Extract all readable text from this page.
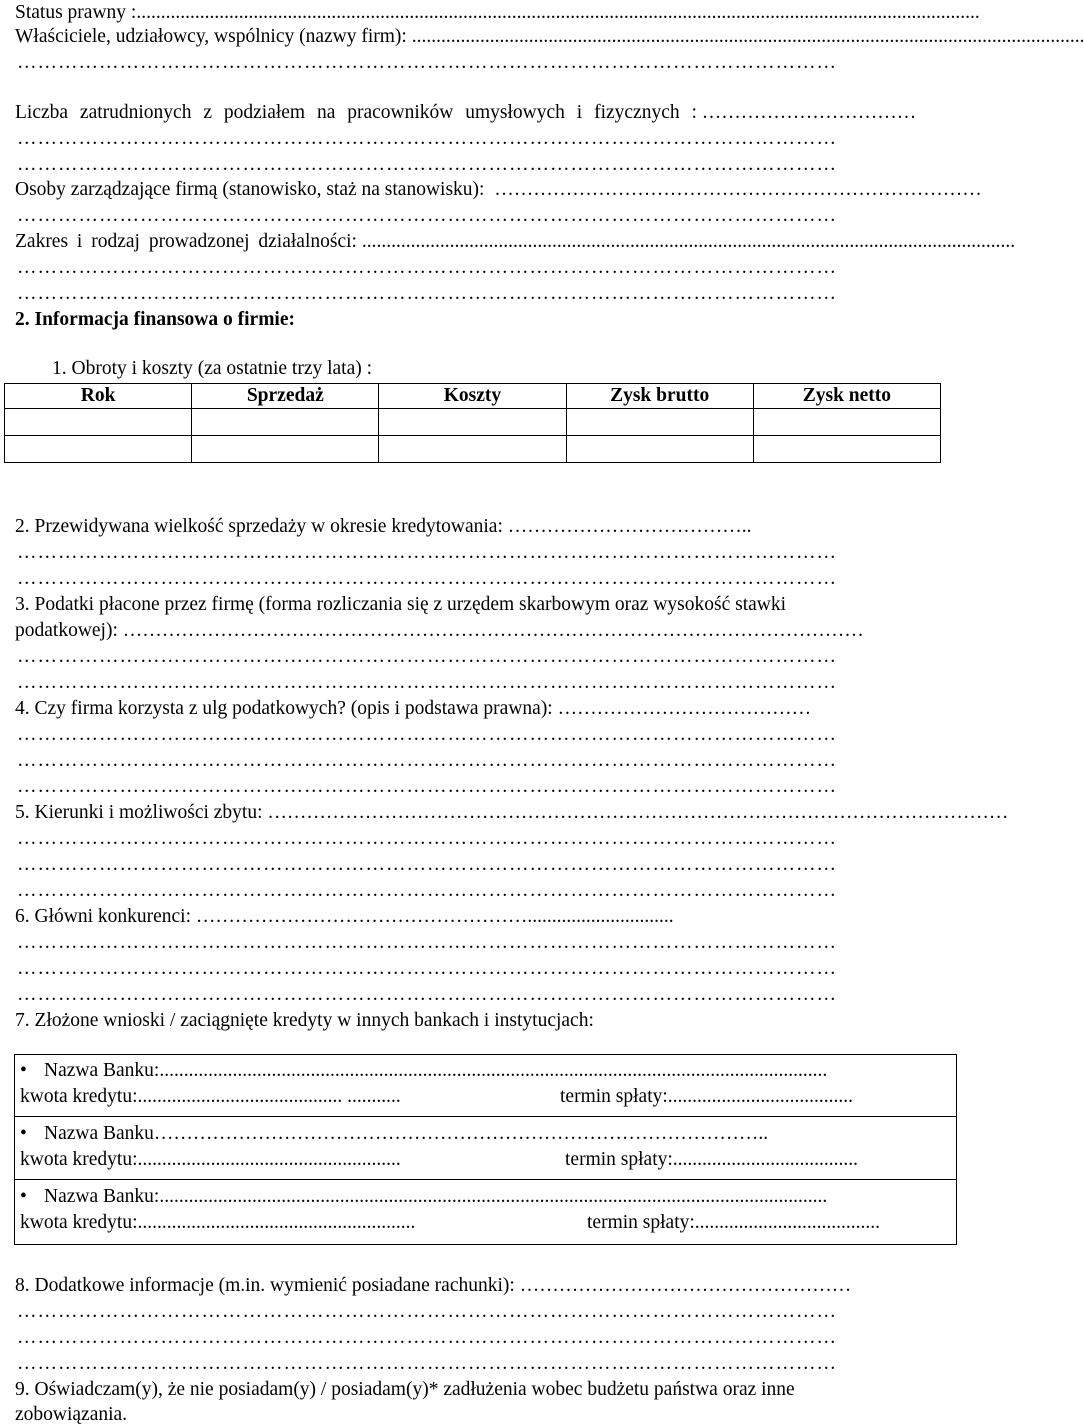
Status prawny : .............................................................................................................................................................................
Właściciele, udziałowcy, wspólnicy (nazwy firm): ..........................................................................................................................................
…………………………………………………………………………………………………………
Liczba zatrudnionych z podziałem na pracowników umysłowych i fizycznych : ……………………………
…………………………………………………………………………………………………………
…………………………………………………………………………………………………………
Osoby zarządzające firmą (stanowisko, staż na stanowisku): …………………………………………………………………
…………………………………………………………………………………………………………
Zakres i rodzaj prowadzonej działalności: ......................................................................................................................................
…………………………………………………………………………………………………………
…………………………………………………………………………………………………………
2. Informacja finansowa o firmie:
1. Obroty i koszty (za ostatnie trzy lata) :
Rok	Sprzedaż	Koszty	Zysk brutto	Zysk netto

2. Przewidywana wielkość sprzedaży w okresie kredytowania: ………………………………..
…………………………………………………………………………………………………………
…………………………………………………………………………………………………………
3. Podatki płacone przez firmę (forma rozliczania się z urzędem skarbowym oraz wysokość stawki
podatkowej): ……………………………………………………………………………………………………
…………………………………………………………………………………………………………
…………………………………………………………………………………………………………
4. Czy firma korzysta z ulg podatkowych? (opis i podstawa prawna): …………………………………
…………………………………………………………………………………………………………
…………………………………………………………………………………………………………
…………………………………………………………………………………………………………
5. Kierunki i możliwości zbytu: ……………………………………………………………………………………………………
…………………………………………………………………………………………………………
…………………………………………………………………………………………………………
…………………………………………………………………………………………………………
6. Główni konkurenci: ……………………………………………..............................
…………………………………………………………………………………………………………
…………………………………………………………………………………………………………
…………………………………………………………………………………………………………
7. Złożone wnioski / zaciągnięte kredyty w innych bankach i instytucjach:
• Nazwa Banku: .........................................................................................................................................
kwota kredytu:.......................................... ...........	termin spłaty:......................................
• Nazwa Banku …………………………………………………………………………………..
kwota kredytu:......................................................	termin spłaty:......................................
• Nazwa Banku: .........................................................................................................................................
kwota kredytu:.........................................................	termin spłaty:......................................
8. Dodatkowe informacje (m.in. wymienić posiadane rachunki): ……………………………………………
…………………………………………………………………………………………………………
…………………………………………………………………………………………………………
…………………………………………………………………………………………………………
9. Oświadczam(y), że nie posiadam(y) / posiadam(y)* zadłużenia wobec budżetu państwa oraz inne
zobowiązania.
